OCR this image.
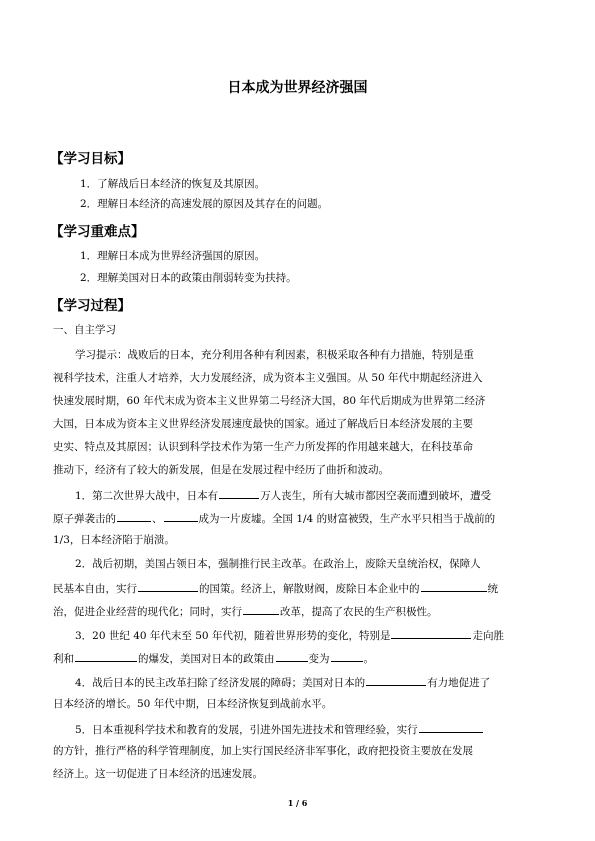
日本成为世界经济强国
【学习目标】
1．了解战后日本经济的恢复及其原因。
2．理解日本经济的高速发展的原因及其存在的问题。
【学习重难点】
1．理解日本成为世界经济强国的原因。
2．理解美国对日本的政策由削弱转变为扶持。
【学习过程】
一、自主学习
学习提示：战败后的日本，充分利用各种有利因素，积极采取各种有力措施，特别是重
视科学技术，注重人才培养，大力发展经济，成为资本主义强国。从 50 年代中期起经济进入
快速发展时期，60 年代末成为资本主义世界第二号经济大国，80 年代后期成为世界第二经济
大国，日本成为资本主义世界经济发展速度最快的国家。通过了解战后日本经济发展的主要
史实、特点及其原因；认识到科学技术作为第一生产力所发挥的作用越来越大，在科技革命
推动下，经济有了较大的新发展，但是在发展过程中经历了曲折和波动。
1．第二次世界大战中，日本有	万人丧生，所有大城市都因空袭而遭到破坏，遭受
原子弹袭击的	、	成为一片废墟。全国 1/4 的财富被毁，生产水平只相当于战前的
1/3，日本经济陷于崩溃。
2．战后初期，美国占领日本，强制推行民主改革。在政治上，废除天皇统治权，保障人
民基本自由，实行	的国策。经济上，解散财阀，废除日本企业中的	统
治，促进企业经营的现代化；同时，实行	改革，提高了农民的生产积极性。
3．20 世纪 40 年代末至 50 年代初，随着世界形势的变化，特别是	走向胜
利和	的爆发，美国对日本的政策由	变为	。
4．战后日本的民主改革扫除了经济发展的障碍；美国对日本的	有力地促进了
日本经济的增长。50 年代中期，日本经济恢复到战前水平。
5．日本重视科学技术和教育的发展，引进外国先进技术和管理经验，实行
的方针，推行严格的科学管理制度，加上实行国民经济非军事化，政府把投资主要放在发展
经济上。这一切促进了日本经济的迅速发展。
1 / 6
